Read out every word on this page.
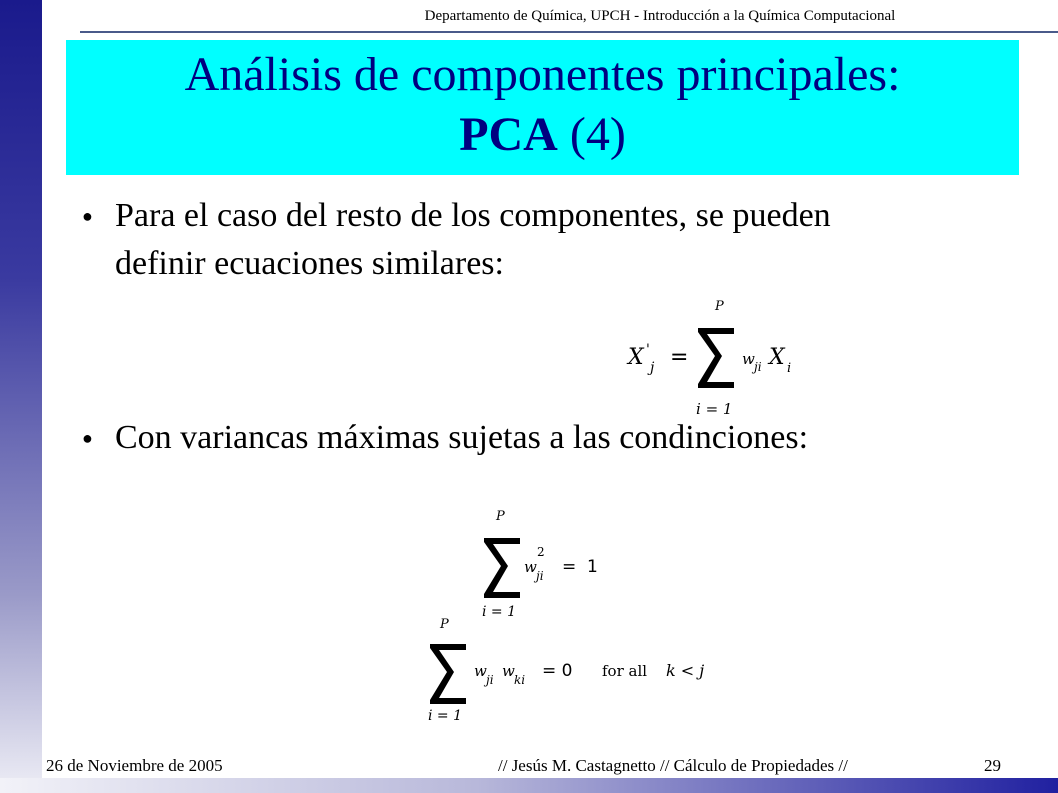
Departamento de Química, UPCH - Introducción a la Química Computacional
Análisis de componentes principales:
PCA (4)
● Para el caso del resto de los componentes, se pueden
definir ecuaciones similares:
P
X '
j =	w ji X i
i = 1
● Con variancas máximas sujetas a las condinciones:
P
w
2
ji =  1
i = 1
P
w ji w ki = 0 for all k < j
i = 1
26 de Noviembre de 2005	// Jesús M. Castagnetto // Cálculo de Propiedades //	29
